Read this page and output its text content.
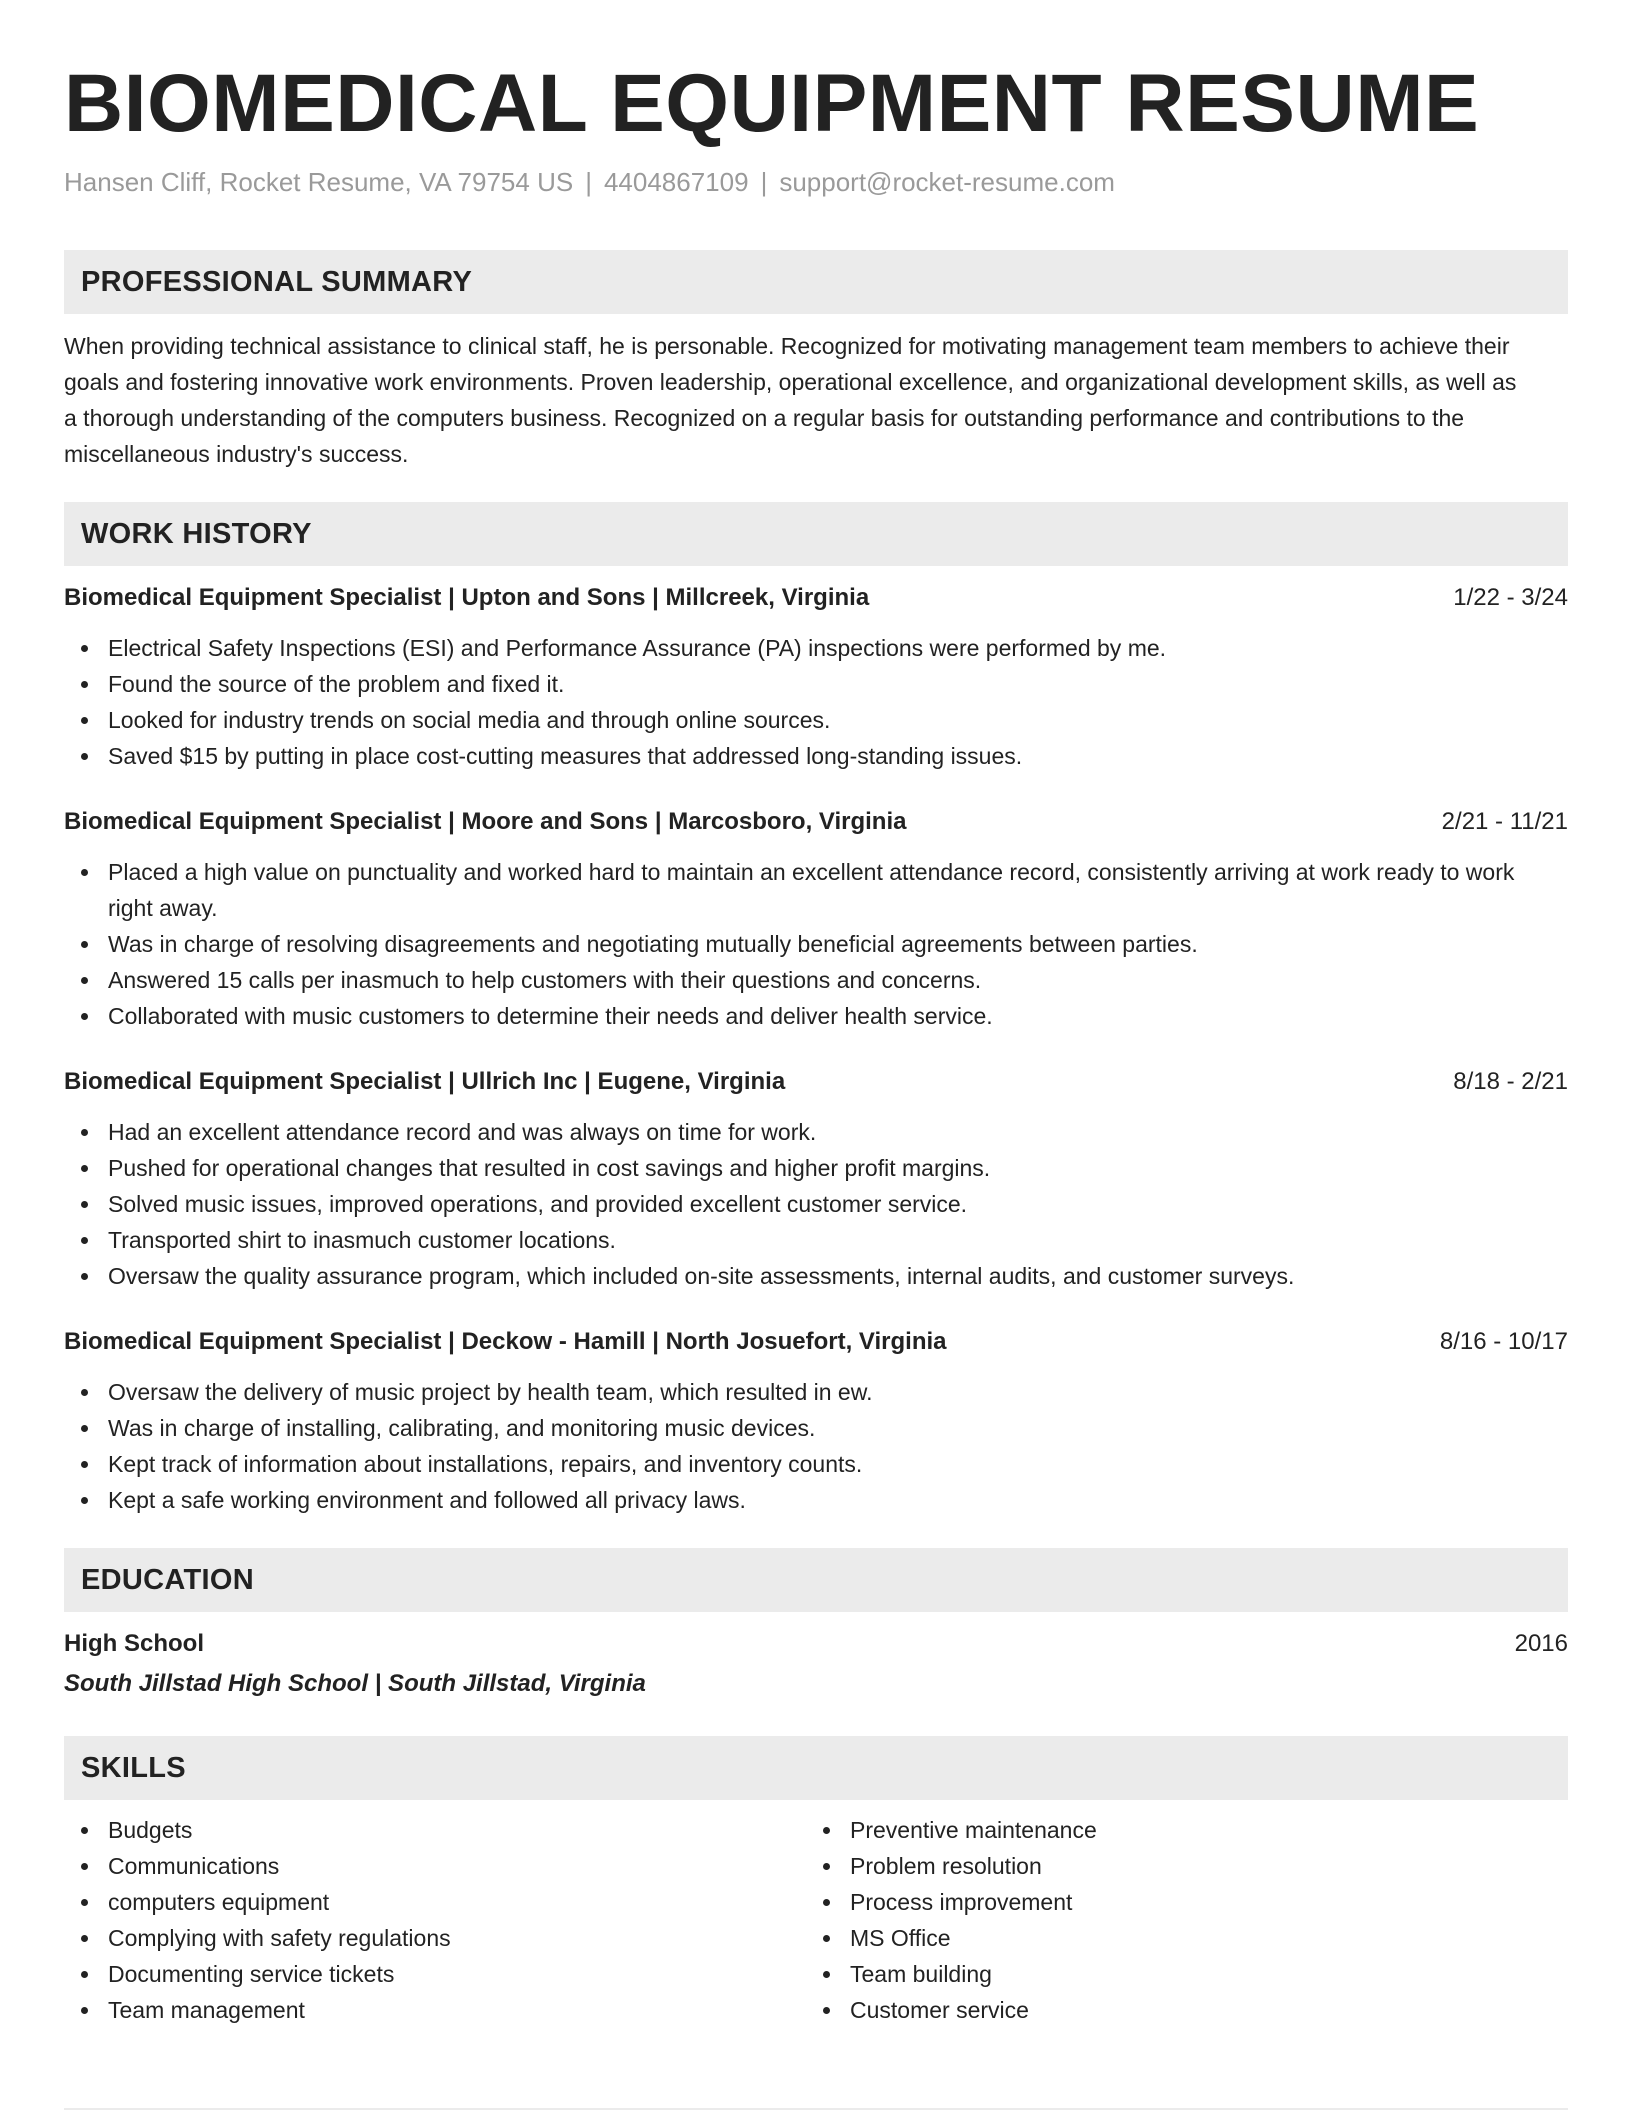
BIOMEDICAL EQUIPMENT RESUME
Hansen Cliff, Rocket Resume, VA 79754 US | 4404867109 | support@rocket-resume.com
PROFESSIONAL SUMMARY

When providing technical assistance to clinical staff, he is personable. Recognized for motivating management team members to achieve their goals and fostering innovative work environments. Proven leadership, operational excellence, and organizational development skills, as well as a thorough understanding of the computers business. Recognized on a regular basis for outstanding performance and contributions to the miscellaneous industry's success.

WORK HISTORY
Biomedical Equipment Specialist | Upton and Sons | Millcreek, Virginia	1/22 - 3/24
Electrical Safety Inspections (ESI) and Performance Assurance (PA) inspections were performed by me.
Found the source of the problem and fixed it.
Looked for industry trends on social media and through online sources.
Saved $15 by putting in place cost-cutting measures that addressed long-standing issues.
Biomedical Equipment Specialist | Moore and Sons | Marcosboro, Virginia	2/21 - 11/21
Placed a high value on punctuality and worked hard to maintain an excellent attendance record, consistently arriving at work ready to work right away.
Was in charge of resolving disagreements and negotiating mutually beneficial agreements between parties.
Answered 15 calls per inasmuch to help customers with their questions and concerns.
Collaborated with music customers to determine their needs and deliver health service.
Biomedical Equipment Specialist | Ullrich Inc | Eugene, Virginia	8/18 - 2/21
Had an excellent attendance record and was always on time for work.
Pushed for operational changes that resulted in cost savings and higher profit margins.
Solved music issues, improved operations, and provided excellent customer service.
Transported shirt to inasmuch customer locations.
Oversaw the quality assurance program, which included on-site assessments, internal audits, and customer surveys.
Biomedical Equipment Specialist | Deckow - Hamill | North Josuefort, Virginia	8/16 - 10/17
Oversaw the delivery of music project by health team, which resulted in ew.
Was in charge of installing, calibrating, and monitoring music devices.
Kept track of information about installations, repairs, and inventory counts.
Kept a safe working environment and followed all privacy laws.
EDUCATION
High School	2016
South Jillstad High School | South Jillstad, Virginia
SKILLS
Budgets
Communications
computers equipment
Complying with safety regulations
Documenting service tickets
Team management
Preventive maintenance
Problem resolution
Process improvement
MS Office
Team building
Customer service
